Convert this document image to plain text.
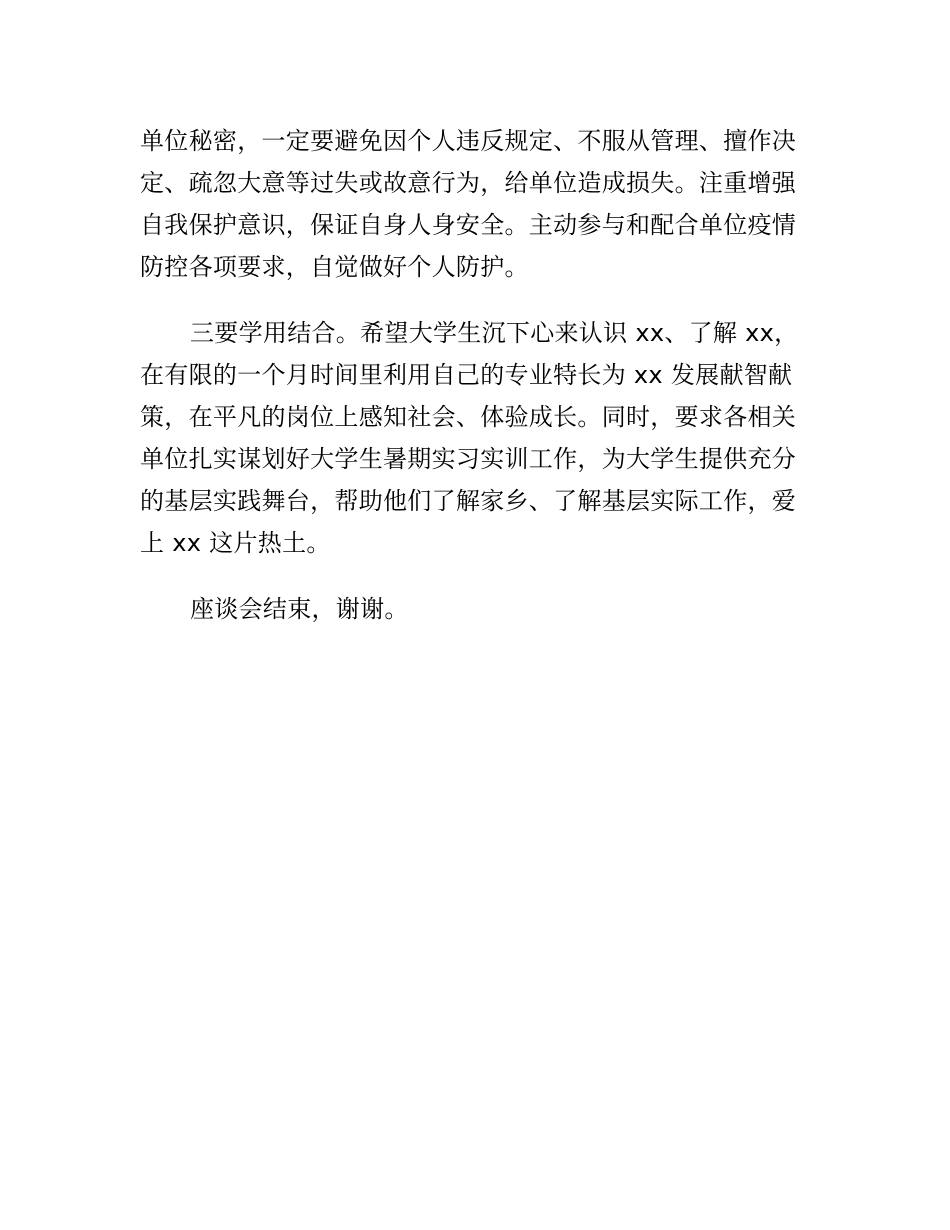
单位秘密，一定要避免因个人违反规定、不服从管理、擅作决
定、疏忽大意等过失或故意行为，给单位造成损失。注重增强
自我保护意识，保证自身人身安全。主动参与和配合单位疫情
防控各项要求，自觉做好个人防护。
三要学用结合。希望大学生沉下心来认识 xx、了解 xx，
在有限的一个月时间里利用自己的专业特长为 xx 发展献智献
策，在平凡的岗位上感知社会、体验成长。同时，要求各相关
单位扎实谋划好大学生暑期实习实训工作，为大学生提供充分
的基层实践舞台，帮助他们了解家乡、了解基层实际工作，爱
上 xx 这片热土。
座谈会结束，谢谢。
